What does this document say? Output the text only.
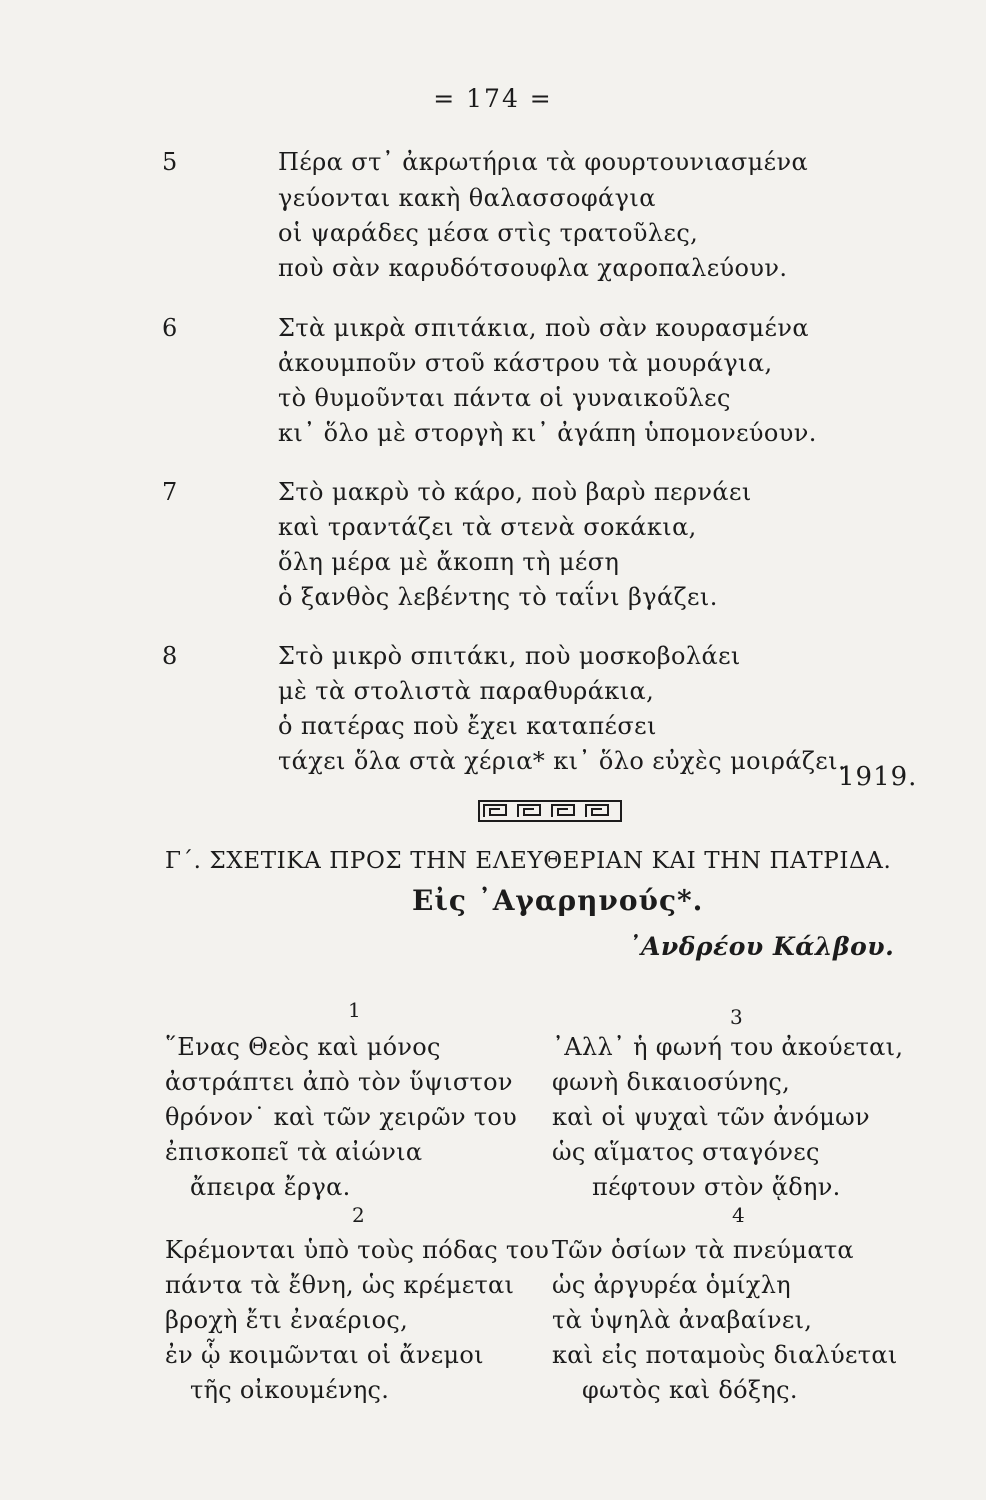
= 174 =
5	Πέρα στ᾽ ἀκρωτήρια τὰ φουρτουνιασμένα
γεύονται κακὴ θαλασσοφάγια
οἱ ψαράδες μέσα στὶς τρατοῦλες,
ποὺ σὰν καρυδότσουφλα χαροπαλεύουν.
6	Στὰ μικρὰ σπιτάκια, ποὺ σὰν κουρασμένα
ἀκουμποῦν στοῦ κάστρου τὰ μουράγια,
τὸ θυμοῦνται πάντα οἱ γυναικοῦλες
κι᾽ ὅλο μὲ στοργὴ κι᾽ ἀγάπη ὑπομονεύουν.
7	Στὸ μακρὺ τὸ κάρο, ποὺ βαρὺ περνάει
καὶ τραντάζει τὰ στενὰ σοκάκια,
ὅλη μέρα μὲ ἄκοπη τὴ μέση
ὁ ξανθὸς λεβέντης τὸ ταΐνι βγάζει.
8	Στὸ μικρὸ σπιτάκι, ποὺ μοσκοβολάει
μὲ τὰ στολιστὰ παραθυράκια,
ὁ πατέρας ποὺ ἔχει καταπέσει
τάχει ὅλα στὰ χέρια* κι᾽ ὅλο εὐχὲς μοιράζει.
1919.
Γ΄. ΣΧΕΤΙΚΑ ΠΡΟΣ ΤΗΝ ΕΛΕΥΘΕΡΙΑΝ ΚΑΙ ΤΗΝ ΠΑΤΡΙΔΑ.
Εἰς ᾽Αγαρηνούς*.
᾽Ανδρέου Κάλβου.
1
῞Ενας Θεὸς καὶ μόνος
ἀστράπτει ἀπὸ τὸν ὕψιστον
θρόνον˙ καὶ τῶν χειρῶν του
ἐπισκοπεῖ τὰ αἰώνια
ἄπειρα ἔργα.
2
Κρέμονται ὑπὸ τοὺς πόδας του
πάντα τὰ ἔθνη, ὡς κρέμεται
βροχὴ ἔτι ἐναέριος,
ἐν ᾧ κοιμῶνται οἱ ἄνεμοι
τῆς οἰκουμένης.
3
᾽Αλλ᾽ ἡ φωνή του ἀκούεται,
φωνὴ δικαιοσύνης,
καὶ οἱ ψυχαὶ τῶν ἀνόμων
ὡς αἵματος σταγόνες
πέφτουν στὸν ᾅδην.
4
Τῶν ὁσίων τὰ πνεύματα
ὡς ἀργυρέα ὁμίχλη
τὰ ὑψηλὰ ἀναβαίνει,
καὶ εἰς ποταμοὺς διαλύεται
φωτὸς καὶ δόξης.
